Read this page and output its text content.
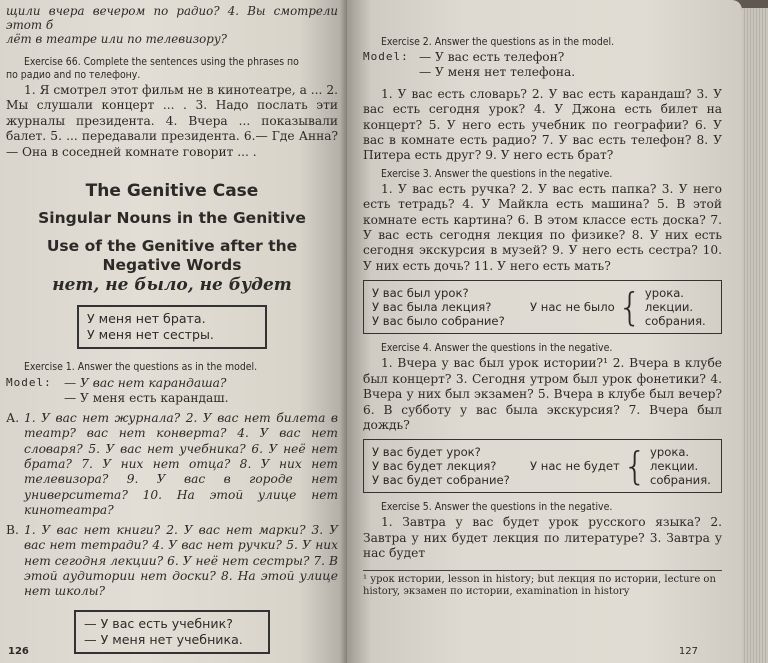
щили вчера вечером по радио? 4. Вы смотрели этот б

лёт в театре или по телевизору?

Exercise 66. Complete the sentences using the phrases по
по радио and по телефону.

1. Я смотрел этот фильм не в кинотеатре, а ... 2. Мы слушали концерт ... . 3. Надо послать эти журналы президента. 4. Вчера ... показывали балет. 5. ... передавали президента. 6.— Где Анна? — Она в соседней комнате говорит ... .

The Genitive Case

Singular Nouns in the Genitive

Use of the Genitive after the Negative Words

нет, не было, не будет

У меня нет брата.
У меня нет сестры.
Exercise 1. Answer the questions as in the model.
Model:	— У вас нет карандаша?
— У меня есть карандаш.
А. 1. У вас нет журнала? 2. У вас нет билета в театр? вас нет конверта? 4. У вас нет словаря? 5. У вас нет учебника? 6. У неё нет брата? 7. У них нет отца? 8. У них нет телевизора? 9. У вас в городе нет университета? 10. На этой улице нет кинотеатра?

В. 1. У вас нет книги? 2. У вас нет марки? 3. У вас нет тетради? 4. У вас нет ручки? 5. У них нет сегодня лекции? 6. У неё нет сестры? 7. В этой аудитории нет доски? 8. На этой улице нет школы?

— У вас есть учебник?
— У меня нет учебника.
126
Exercise 2. Answer the questions as in the model.
Model: — У вас есть телефон?
— У меня нет телефона.

1. У вас есть словарь? 2. У вас есть карандаш? 3. У вас есть сегодня урок? 4. У Джона есть билет на концерт? 5. У него есть учебник по географии? 6. У вас в комнате есть радио? 7. У вас есть телефон? 8. У Питера есть друг? 9. У него есть брат?

Exercise 3. Answer the questions in the negative.

1. У вас есть ручка? 2. У вас есть папка? 3. У него есть тетрадь? 4. У Майкла есть машина? 5. В этой комнате есть картина? 6. В этом классе есть доска? 7. У вас есть сегодня лекция по физике? 8. У них есть сегодня экскурсия в музей? 9. У него есть сестра? 10. У них есть дочь? 11. У него есть мать?

У вас был урок?
У вас была лекция?
У вас было собрание?
У нас не было { урока.
лекции.
собрания.
Exercise 4. Answer the questions in the negative.

1. Вчера у вас был урок истории?¹ 2. Вчера в клубе был концерт? 3. Сегодня утром был урок фонетики? 4. Вчера у них был экзамен? 5. Вчера в клубе был вечер? 6. В субботу у вас была экскурсия? 7. Вчера был дождь?

У вас будет урок?
У вас будет лекция?
У вас будет собрание?
У нас не будет { урока.
лекции.
собрания.
Exercise 5. Answer the questions in the negative.

1. Завтра у вас будет урок русского языка? 2. Завтра у них будет лекция по литературе? 3. Завтра у нас будет

¹ урок истории, lesson in history; but лекция по истории, lecture on history, экзамен по истории, examination in history
127
